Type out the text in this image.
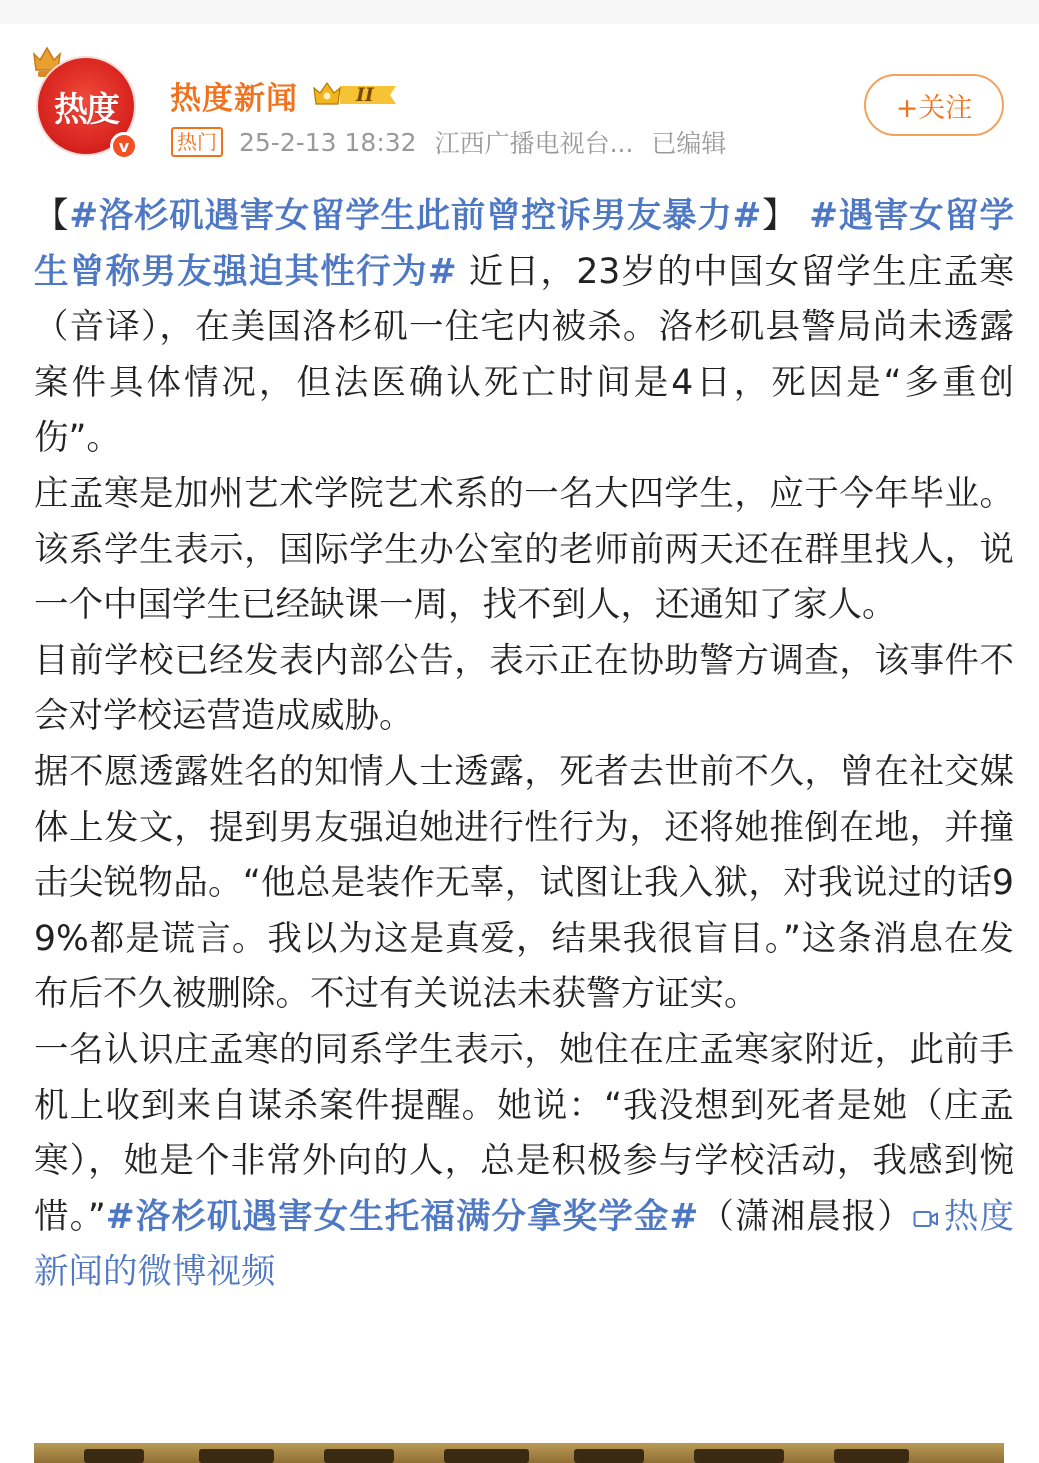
热度
v
热度新闻	II
热门 25-2-13 18:32 江西广播电视台... 已编辑
+关注

【#洛杉矶遇害女留学生此前曾控诉男友暴力#】 #遇害女留学生曾称男友强迫其性行为# 近日，23岁的中国女留学生庄孟寒（音译），在美国洛杉矶一住宅内被杀。洛杉矶县警局尚未透露案件具体情况，但法医确认死亡时间是4日，死因是“多重创伤”。

庄孟寒是加州艺术学院艺术系的一名大四学生，应于今年毕业。该系学生表示，国际学生办公室的老师前两天还在群里找人，说一个中国学生已经缺课一周，找不到人，还通知了家人。

目前学校已经发表内部公告，表示正在协助警方调查，该事件不会对学校运营造成威胁。

据不愿透露姓名的知情人士透露，死者去世前不久，曾在社交媒体上发文，提到男友强迫她进行性行为，还将她推倒在地，并撞击尖锐物品。“他总是装作无辜，试图让我入狱，对我说过的话99%都是谎言。我以为这是真爱，结果我很盲目。”这条消息在发布后不久被删除。不过有关说法未获警方证实。

一名认识庄孟寒的同系学生表示，她住在庄孟寒家附近，此前手机上收到来自谋杀案件提醒。她说：“我没想到死者是她（庄孟寒），她是个非常外向的人，总是积极参与学校活动，我感到惋惜。”#洛杉矶遇害女生托福满分拿奖学金#（潇湘晨报） 热度新闻的微博视频
